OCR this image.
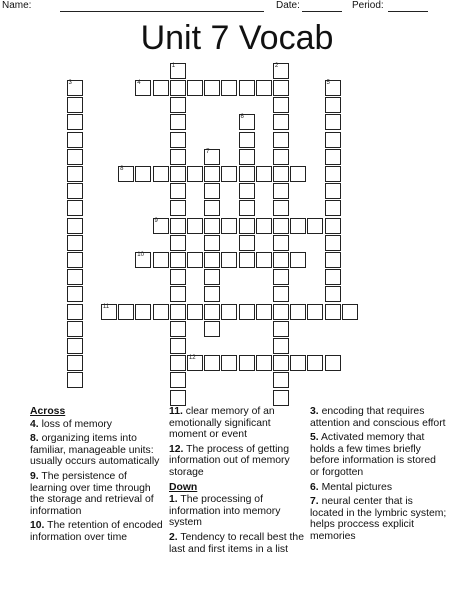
Name:	Date:	Period:
Unit 7 Vocab
4
8
9
10
11
12
1	2
3	5
6
7
Across
4. loss of memory
8. organizing items into familiar, manageable units: usually occurs automatically
9. The persistence of learning over time through the storage and retrieval of information
10. The retention of encoded information over time
11. clear memory of an emotionally significant moment or event
12. The process of getting information out of memory storage
Down
1. The processing of information into memory system
2. Tendency to recall best the last and first items in a list
3. encoding that requires attention and conscious effort
5. Activated memory that holds a few times briefly before information is stored or forgotten
6. Mental pictures
7. neural center that is located in the lymbric system; helps proccess explicit memories
